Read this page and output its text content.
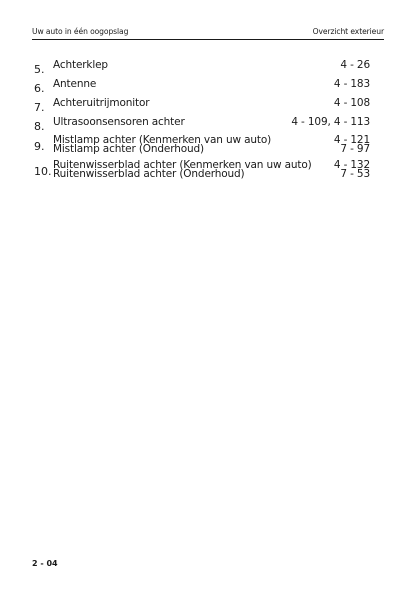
Uw auto in één oogopslag	Overzicht exterieur
5. Achterklep	4 - 26
6. Antenne	4 - 183
7. Achteruitrijmonitor	4 - 108
8. Ultrasoonsensoren achter	4 - 109, 4 - 113
9. Mistlamp achter (Kenmerken van uw auto)	4 - 121
Mistlamp achter (Onderhoud)	7 - 97
10. Ruitenwisserblad achter (Kenmerken van uw auto) 4 - 132
Ruitenwisserblad achter (Onderhoud)	7 - 53
2 - 04
